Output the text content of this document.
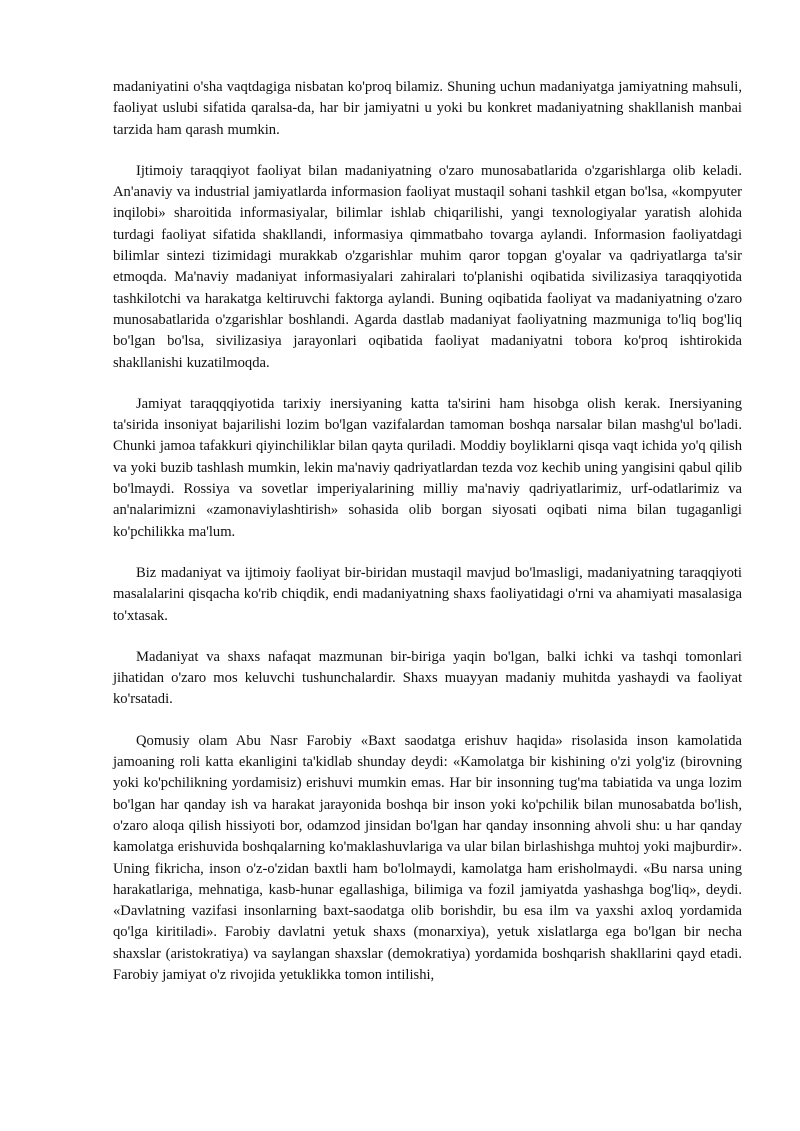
madaniyatini o'sha vaqtdagiga nisbatan ko'proq bilamiz. Shuning uchun madaniyatga jamiyatning mahsuli, faoliyat uslubi sifatida qaralsa-da, har bir jamiyatni u yoki bu konkret madaniyatning shakllanish manbai tarzida ham qarash mumkin.

Ijtimoiy taraqqiyot faoliyat bilan madaniyatning o'zaro munosabatlarida o'zgarishlarga olib keladi. An'anaviy va industrial jamiyatlarda informasion faoliyat mustaqil sohani tashkil etgan bo'lsa, «kompyuter inqilobi» sharoitida informasiyalar, bilimlar ishlab chiqarilishi, yangi texnologiyalar yaratish alohida turdagi faoliyat sifatida shakllandi, informasiya qimmatbaho tovarga aylandi. Informasion faoliyatdagi bilimlar sintezi tizimidagi murakkab o'zgarishlar muhim qaror topgan g'oyalar va qadriyatlarga ta'sir etmoqda. Ma'naviy madaniyat informasiyalari zahiralari to'planishi oqibatida sivilizasiya taraqqiyotida tashkilotchi va harakatga keltiruvchi faktorga aylandi. Buning oqibatida faoliyat va madaniyatning o'zaro munosabatlarida o'zgarishlar boshlandi. Agarda dastlab madaniyat faoliyatning mazmuniga to'liq bog'liq bo'lgan bo'lsa, sivilizasiya jarayonlari oqibatida faoliyat madaniyatni tobora ko'proq ishtirokida shakllanishi kuzatilmoqda.

Jamiyat taraqqqiyotida tarixiy inersiyaning katta ta'sirini ham hisobga olish kerak. Inersiyaning ta'sirida insoniyat bajarilishi lozim bo'lgan vazifalardan tamoman boshqa narsalar bilan mashg'ul bo'ladi. Chunki jamoa tafakkuri qiyinchiliklar bilan qayta quriladi. Moddiy boyliklarni qisqa vaqt ichida yo'q qilish va yoki buzib tashlash mumkin, lekin ma'naviy qadriyatlardan tezda voz kechib uning yangisini qabul qilib bo'lmaydi. Rossiya va sovetlar imperiyalarining milliy ma'naviy qadriyatlarimiz, urf-odatlarimiz va an'nalarimizni «zamonaviylashtirish» sohasida olib borgan siyosati oqibati nima bilan tugaganligi ko'pchilikka ma'lum.

Biz madaniyat va ijtimoiy faoliyat bir-biridan mustaqil mavjud bo'lmasligi, madaniyatning taraqqiyoti masalalarini qisqacha ko'rib chiqdik, endi madaniyatning shaxs faoliyatidagi o'rni va ahamiyati masalasiga to'xtasak.

Madaniyat va shaxs nafaqat mazmunan bir-biriga yaqin bo'lgan, balki ichki va tashqi tomonlari jihatidan o'zaro mos keluvchi tushunchalardir. Shaxs muayyan madaniy muhitda yashaydi va faoliyat ko'rsatadi.

Qomusiy olam Abu Nasr Farobiy «Baxt saodatga erishuv haqida» risolasida inson kamolatida jamoaning roli katta ekanligini ta'kidlab shunday deydi: «Kamolatga bir kishining o'zi yolg'iz (birovning yoki ko'pchilikning yordamisiz) erishuvi mumkin emas. Har bir insonning tug'ma tabiatida va unga lozim bo'lgan har qanday ish va harakat jarayonida boshqa bir inson yoki ko'pchilik bilan munosabatda bo'lish, o'zaro aloqa qilish hissiyoti bor, odamzod jinsidan bo'lgan har qanday insonning ahvoli shu: u har qanday kamolatga erishuvida boshqalarning ko'maklashuvlariga va ular bilan birlashishga muhtoj yoki majburdir». Uning fikricha, inson o'z-o'zidan baxtli ham bo'lolmaydi, kamolatga ham erisholmaydi. «Bu narsa uning harakatlariga, mehnatiga, kasb-hunar egallashiga, bilimiga va fozil jamiyatda yashashga bog'liq», deydi. «Davlatning vazifasi insonlarning baxt-saodatga olib borishdir, bu esa ilm va yaxshi axloq yordamida qo'lga kiritiladi». Farobiy davlatni yetuk shaxs (monarxiya), yetuk xislatlarga ega bo'lgan bir necha shaxslar (aristokratiya) va saylangan shaxslar (demokratiya) yordamida boshqarish shakllarini qayd etadi. Farobiy jamiyat o'z rivojida yetuklikka tomon intilishi,
